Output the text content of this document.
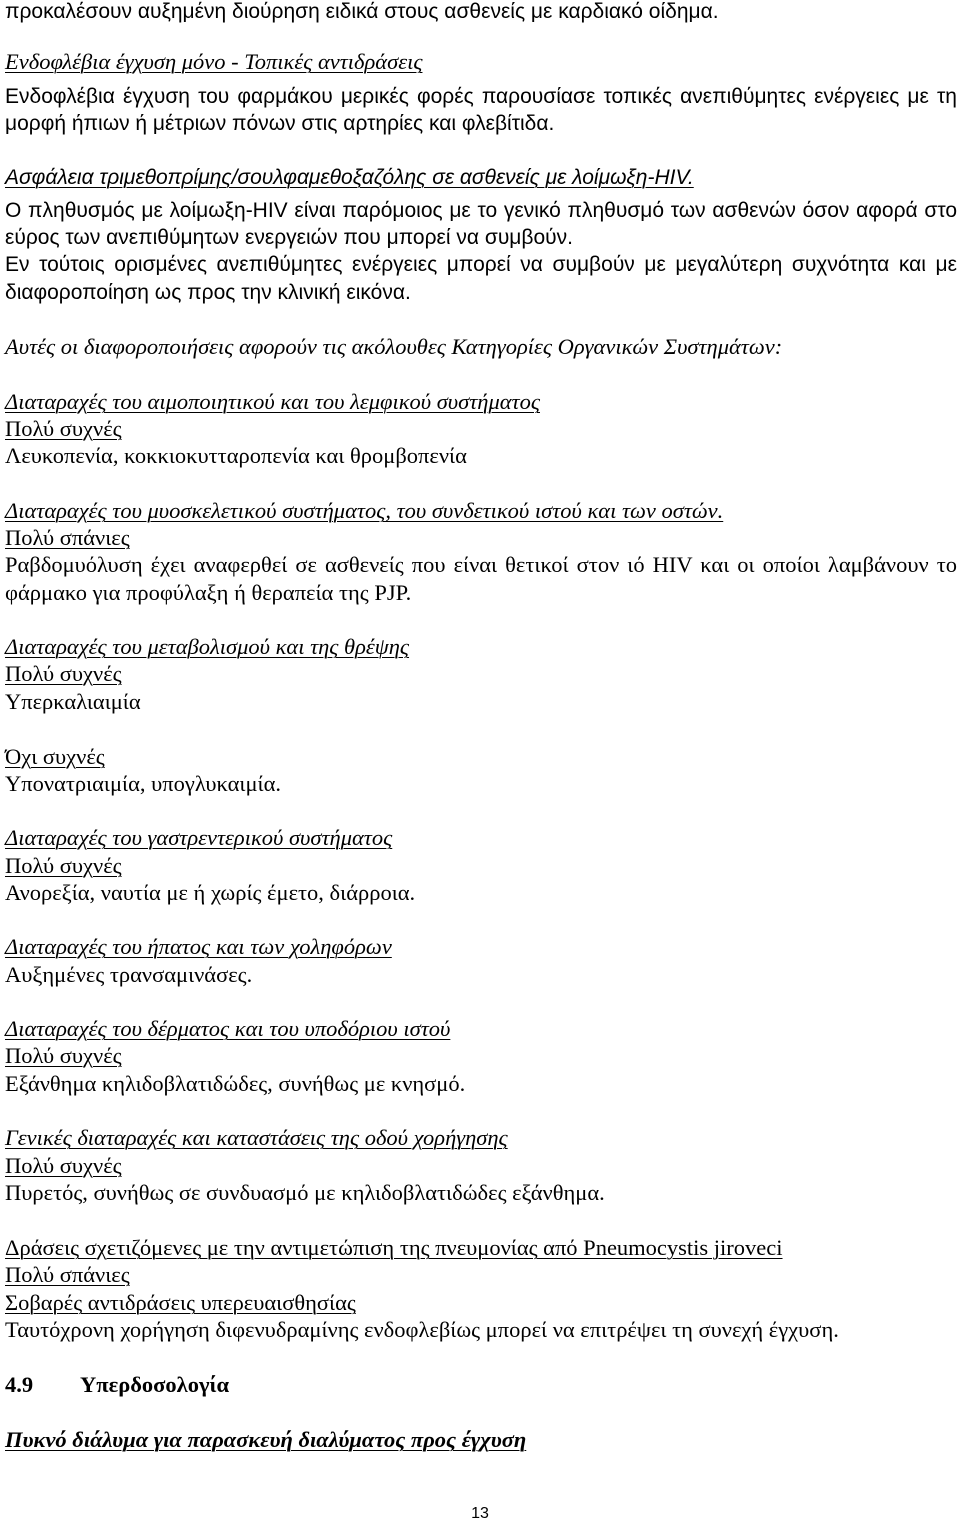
προκαλέσουν αυξημένη διούρηση ειδικά στους ασθενείς με καρδιακό οίδημα.
Ενδοφλέβια έγχυση μόνο - Τοπικές αντιδράσεις
Ενδοφλέβια έγχυση του φαρμάκου μερικές φορές παρουσίασε τοπικές ανεπιθύμητες ενέργειες με τη
μορφή ήπιων ή μέτριων πόνων στις αρτηρίες και φλεβίτιδα.
Ασφάλεια τριμεθοπρίμης/σουλφαμεθοξαζόλης σε ασθενείς με λοίμωξη-HIV.
Ο πληθυσμός με λοίμωξη-HIV είναι παρόμοιος με το γενικό πληθυσμό των ασθενών όσον αφορά στο
εύρος των ανεπιθύμητων ενεργειών που μπορεί να συμβούν.
Εν τούτοις ορισμένες ανεπιθύμητες ενέργειες μπορεί να συμβούν με μεγαλύτερη συχνότητα και με
διαφοροποίηση ως προς την κλινική εικόνα.
Αυτές οι διαφοροποιήσεις αφορούν τις ακόλουθες Κατηγορίες Οργανικών Συστημάτων:
Διαταραχές του αιμοποιητικού και του λεμφικού συστήματος
Πολύ συχνές
Λευκοπενία, κοκκιοκυτταροπενία και θρομβοπενία
Διαταραχές του μυοσκελετικού συστήματος, του συνδετικού ιστού και των οστών.
Πολύ σπάνιες
Ραβδομυόλυση έχει αναφερθεί σε ασθενείς που είναι θετικοί στον ιό HIV και οι οποίοι λαμβάνουν το
φάρμακο για προφύλαξη ή θεραπεία της PJP.
Διαταραχές του μεταβολισμού και της θρέψης
Πολύ συχνές
Υπερκαλιαιμία
Όχι συχνές
Υπονατριαιμία, υπογλυκαιμία.
Διαταραχές του γαστρεντερικού συστήματος
Πολύ συχνές
Ανορεξία, ναυτία με ή χωρίς έμετο, διάρροια.
Διαταραχές του ήπατος και των χοληφόρων
Αυξημένες τρανσαμινάσες.
Διαταραχές του δέρματος και του υποδόριου ιστού
Πολύ συχνές
Εξάνθημα κηλιδοβλατιδώδες, συνήθως με κνησμό.
Γενικές διαταραχές και καταστάσεις της οδού χορήγησης
Πολύ συχνές
Πυρετός, συνήθως σε συνδυασμό με κηλιδοβλατιδώδες εξάνθημα.
Δράσεις σχετιζόμενες με την αντιμετώπιση της πνευμονίας από Pneumocystis jiroveci
Πολύ σπάνιες
Σοβαρές αντιδράσεις υπερευαισθησίας
Ταυτόχρονη χορήγηση διφενυδραμίνης ενδοφλεβίως μπορεί να επιτρέψει τη συνεχή έγχυση.
4.9 Υπερδοσολογία
Πυκνό διάλυμα για παρασκευή διαλύματος προς έγχυση
13
